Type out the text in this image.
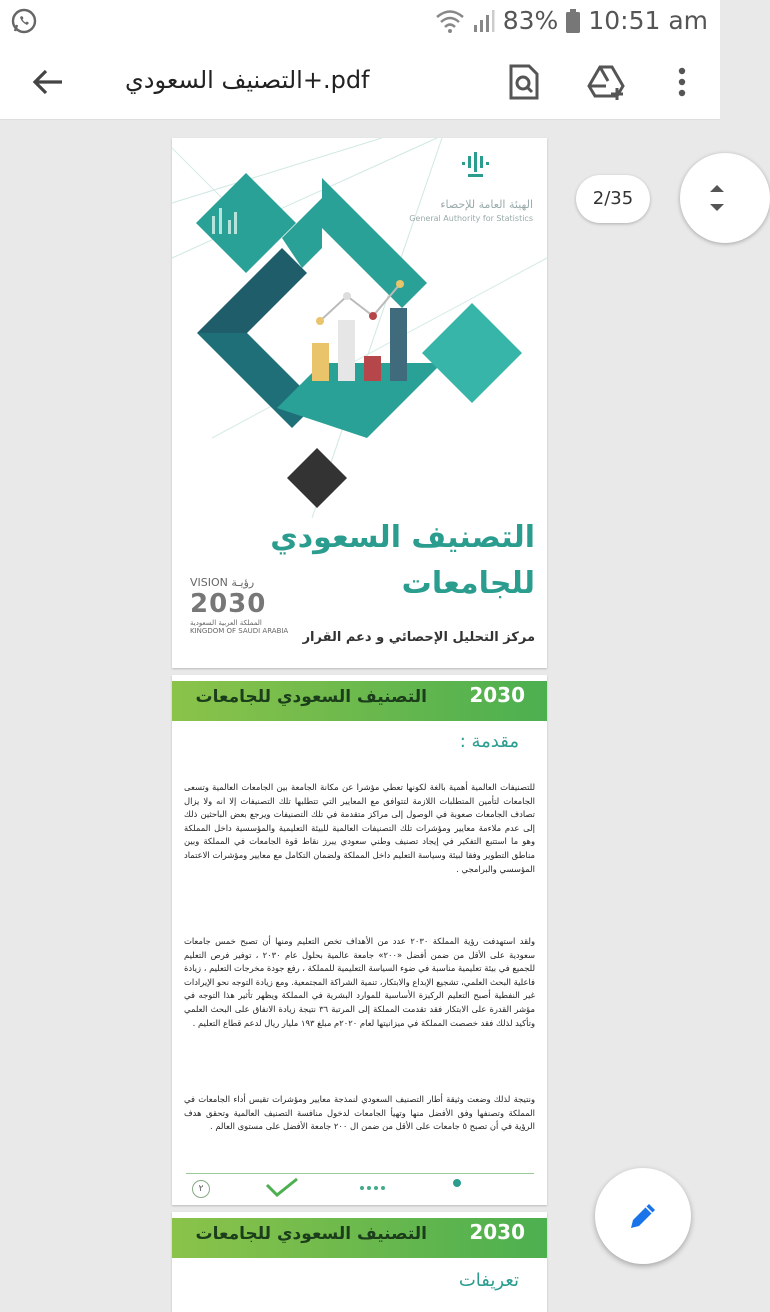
83% 10:51 am
التصنيف السعودي+.pdf
الهيئة العامة للإحصاء
General Authority for Statistics
التصنيف السعودي
للجامعات
VISION رؤيـة
2030
المملكة العربية السعودية
KINGDOM OF SAUDI ARABIA مركز التحليل الإحصائي و دعم القرار
التصنيف السعودي للجامعات 2030
مقدمة :
للتصنيفات العالمية أهمية بالغة لكونها تعطي مؤشرا عن مكانة الجامعة بين الجامعات العالمية وتسعى الجامعات لتأمين المتطلبات اللازمة لتتوافق مع المعايير التي تتطلبها تلك التصنيفات إلا انه ولا يزال تصادف الجامعات صعوبة في الوصول إلى مراكز متقدمة في تلك التصنيفات ويرجع بعض الباحثين ذلك إلى عدم ملاءمة معايير ومؤشرات تلك التصنيفات العالمية للبيئة التعليمية والمؤسسية داخل المملكة وهو ما استتبع التفكير في إيجاد تصنيف وطني سعودي يبرز نقاط قوة الجامعات في المملكة وبين مناطق التطوير وفقا لبيئة وسياسة التعليم داخل المملكة ولضمان التكامل مع معايير ومؤشرات الاعتماد المؤسسي والبرامجي .
ولقد استهدفت رؤية المملكة ٢٠٣٠ عدد من الأهداف تخص التعليم ومنها أن تصبح خمس جامعات سعودية على الأقل من ضمن أفضل «٢٠٠» جامعة عالمية بحلول عام ٢٠٣٠ ، توفير فرص التعليم للجميع في بيئة تعليمية مناسبة في ضوء السياسة التعليمية للمملكة ، رفع جودة مخرجات التعليم ، زيادة فاعلية البحث العلمي، تشجيع الإبداع والابتكار، تنمية الشراكة المجتمعية. ومع زيادة التوجه نحو الإيرادات غير النفطية أصبح التعليم الركيزة الأساسية للموارد البشرية في المملكة ويظهر تأثير هذا التوجه في مؤشر القدرة على الابتكار فقد تقدمت المملكة إلى المرتبة ٣٦ نتيجة زيادة الانفاق على البحث العلمي وتأكيد لذلك فقد خصصت المملكة في ميزانيتها لعام ٢٠٢٠م مبلغ ١٩٣ مليار ريال لدعم قطاع التعليم .
ونتيجة لذلك وضعت وثيقة أطار التصنيف السعودي لنمذجة معايير ومؤشرات تقيس أداء الجامعات في المملكة وتصنفها وفق الأفضل منها وتهيأ الجامعات لدخول منافسة التصنيف العالمية وتحقق هدف الرؤية في أن تصبح ٥ جامعات على الأقل من ضمن ال ٢٠٠ جامعة الأفضل على مستوى العالم .
٢
التصنيف السعودي للجامعات 2030
تعريفات
2/35
